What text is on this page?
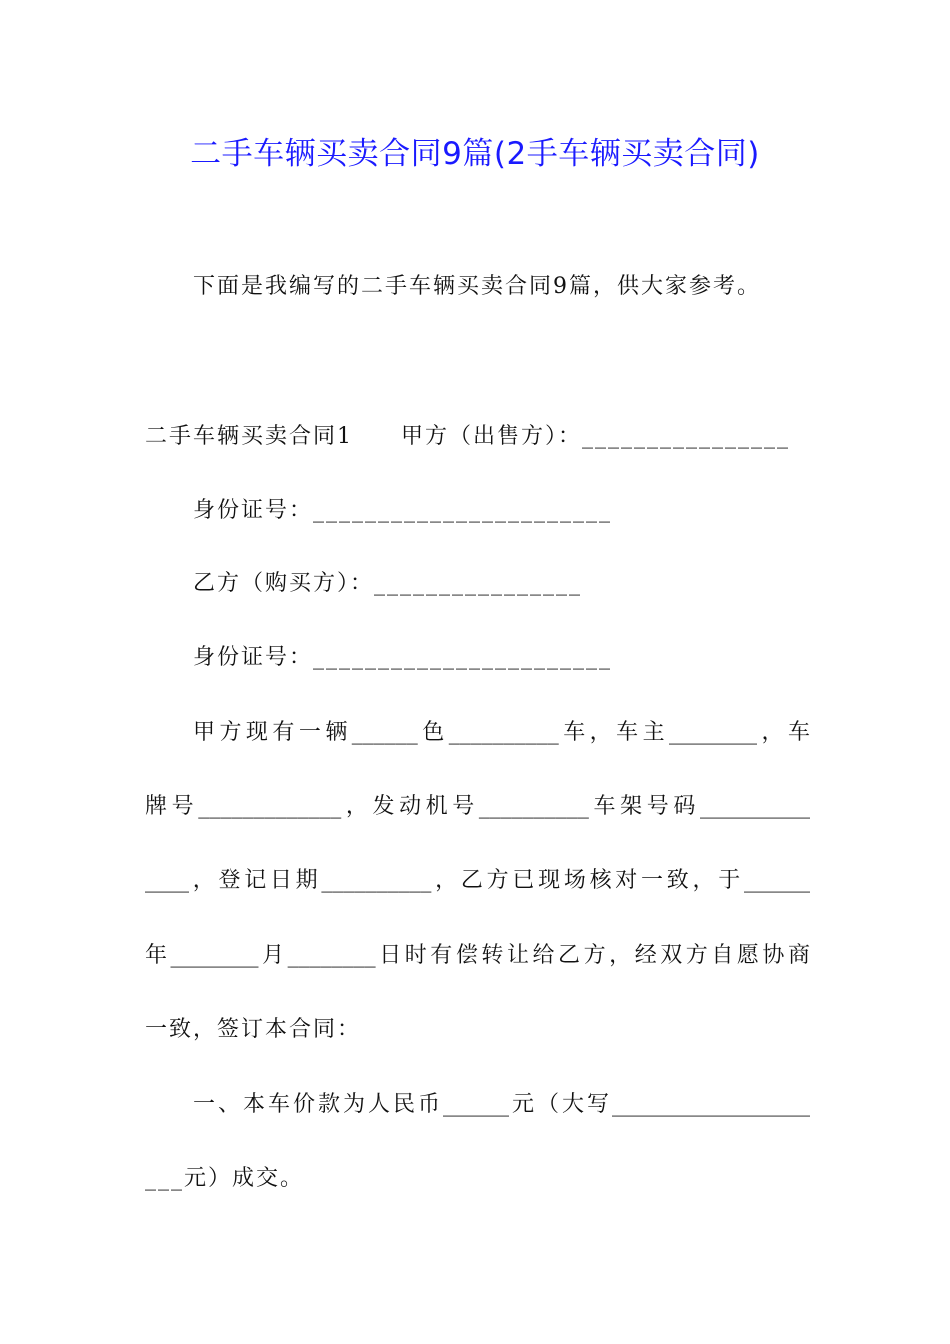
二手车辆买卖合同9篇(2手车辆买卖合同)
下面是我编写的二手车辆买卖合同9篇，供大家参考。
二手车辆买卖合同1　　甲方（出售方）：________________
身份证号：_______________________
乙方（购买方）：________________
身份证号：_______________________
甲方现有一辆______色__________车，车主________，车
牌号_____________，发动机号__________车架号码__________
____，登记日期__________，乙方已现场核对一致，于______
年________月________日时有偿转让给乙方，经双方自愿协商
一致，签订本合同：
一、本车价款为人民币______元（大写__________________
___元）成交。
